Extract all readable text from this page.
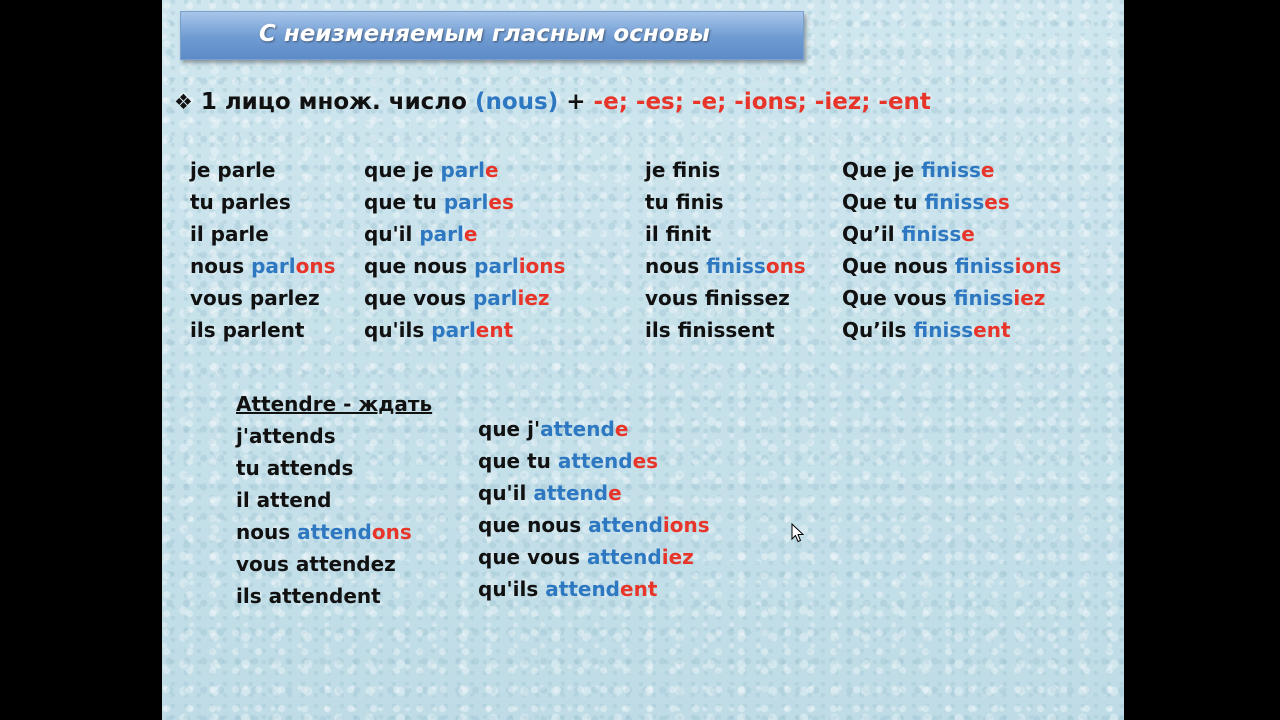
С неизменяемым гласным основы
❖ 1 лицо множ. число (nous) + -e; -es; -e; -ions; -iez; -ent
je parle
tu parles
il parle
nous parlons
vous parlez
ils parlent
que je parle
que tu parles
qu'il parle
que nous parlions
que vous parliez
qu'ils parlent
je finis
tu finis
il finit
nous finissons
vous finissez
ils finissent
Que je finisse
Que tu finisses
Qu’il finisse
Que nous finissions
Que vous finissiez
Qu’ils finissent
Attendre - ждать
j'attends
tu attends
il attend
nous attendons
vous attendez
ils attendent
que j'attende
que tu attendes
qu'il attende
que nous attendions
que vous attendiez
qu'ils attendent
